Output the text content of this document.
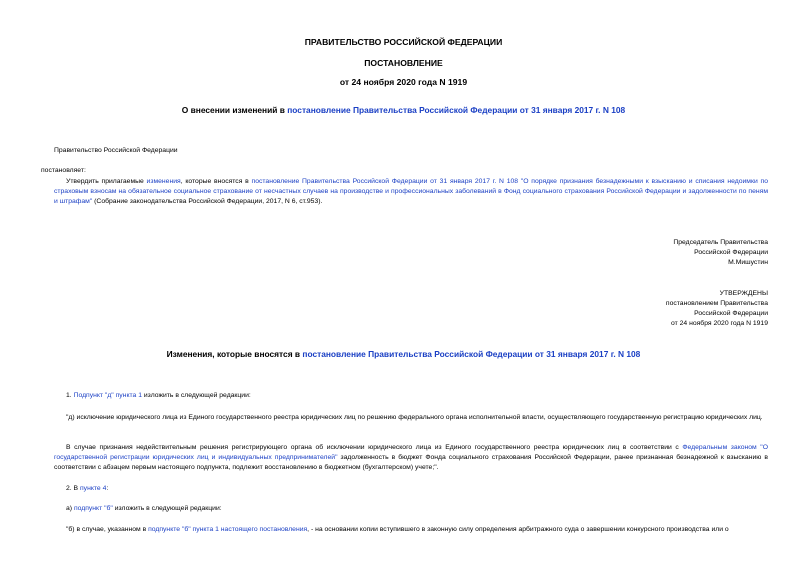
ПРАВИТЕЛЬСТВО РОССИЙСКОЙ ФЕДЕРАЦИИ
ПОСТАНОВЛЕНИЕ
от 24 ноября 2020 года N 1919
О внесении изменений в постановление Правительства Российской Федерации от 31 января 2017 г. N 108
Правительство Российской Федерации
постановляет:
Утвердить прилагаемые изменения, которые вносятся в постановление Правительства Российской Федерации от 31 января 2017 г. N 108 "О порядке признания безнадежными к взысканию и списания недоимки по страховым взносам на обязательное социальное страхование от несчастных случаев на производстве и профессиональных заболеваний в Фонд социального страхования Российской Федерации и задолженности по пеням и штрафам" (Собрание законодательства Российской Федерации, 2017, N 6, ст.953).
Председатель Правительства
Российской Федерации
М.Мишустин
УТВЕРЖДЕНЫ
постановлением Правительства
Российской Федерации
от 24 ноября 2020 года N 1919
Изменения, которые вносятся в постановление Правительства Российской Федерации от 31 января 2017 г. N 108
1. Подпункт "д" пункта 1 изложить в следующей редакции:
"д) исключение юридического лица из Единого государственного реестра юридических лиц по решению федерального органа исполнительной власти, осуществляющего государственную регистрацию юридических лиц.
В случае признания недействительным решения регистрирующего органа об исключении юридического лица из Единого государственного реестра юридических лиц в соответствии с Федеральным законом "О государственной регистрации юридических лиц и индивидуальных предпринимателей" задолженность в бюджет Фонда социального страхования Российской Федерации, ранее признанная безнадежной к взысканию в соответствии с абзацем первым настоящего подпункта, подлежит восстановлению в бюджетном (бухгалтерском) учете;".
2. В пункте 4:
а) подпункт "б" изложить в следующей редакции:
"б) в случае, указанном в подпункте "б" пункта 1 настоящего постановления, - на основании копии вступившего в законную силу определения арбитражного суда о завершении конкурсного производства или о
